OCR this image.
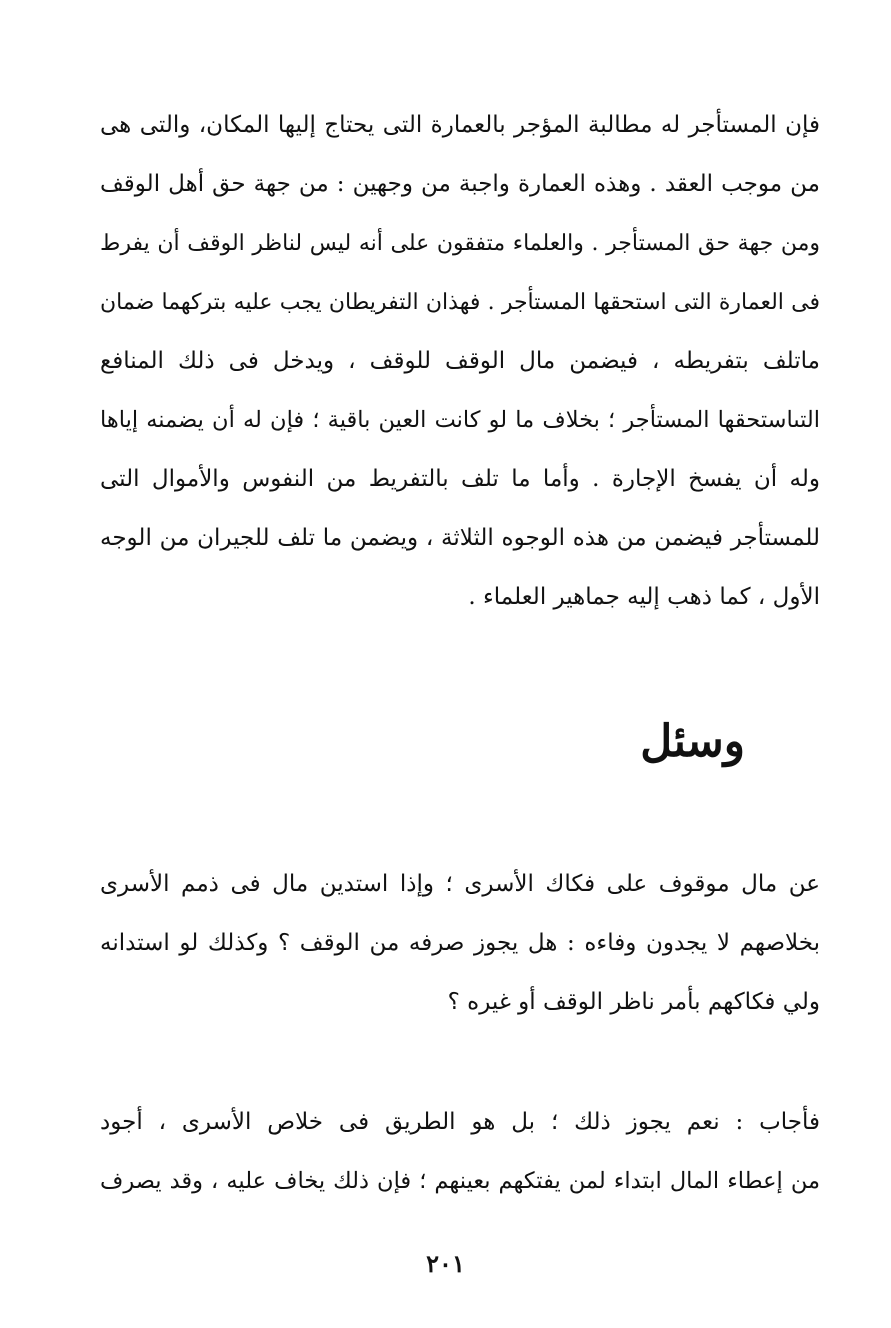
فإن المستأجر له مطالبة المؤجر بالعمارة التى يحتاج إليها المكان، والتى هى
من موجب العقد . وهذه العمارة واجبة من وجهين : من جهة حق أهل الوقف
ومن جهة حق المستأجر . والعلماء متفقون على أنه ليس لناظر الوقف أن يفرط
فى العمارة التى استحقها المستأجر . فهذان التفريطان يجب عليه بتركهما ضمان
ماتلف بتفريطه ، فيضمن مال الوقف للوقف ، ويدخل فى ذلك المنافع
التىاستحقها المستأجر ؛ بخلاف ما لو كانت العين باقية ؛ فإن له أن يضمنه إياها
وله أن يفسخ الإجارة . وأما ما تلف بالتفريط من النفوس والأموال التى
للمستأجر فيضمن من هذه الوجوه الثلاثة ، ويضمن ما تلف للجيران من الوجه
الأول ، كما ذهب إليه جماهير العلماء .
وسئل
عن مال موقوف على فكاك الأسرى ؛ وإذا استدين مال فى ذمم الأسرى
بخلاصهم لا يجدون وفاءه : هل يجوز صرفه من الوقف ؟ وكذلك لو استدانه
ولي فكاكهم بأمر ناظر الوقف أو غيره ؟
فأجاب : نعم يجوز ذلك ؛ بل هو الطريق فى خلاص الأسرى ، أجود
من إعطاء المال ابتداء لمن يفتكهم بعينهم ؛ فإن ذلك يخاف عليه ، وقد يصرف
٢٠١
